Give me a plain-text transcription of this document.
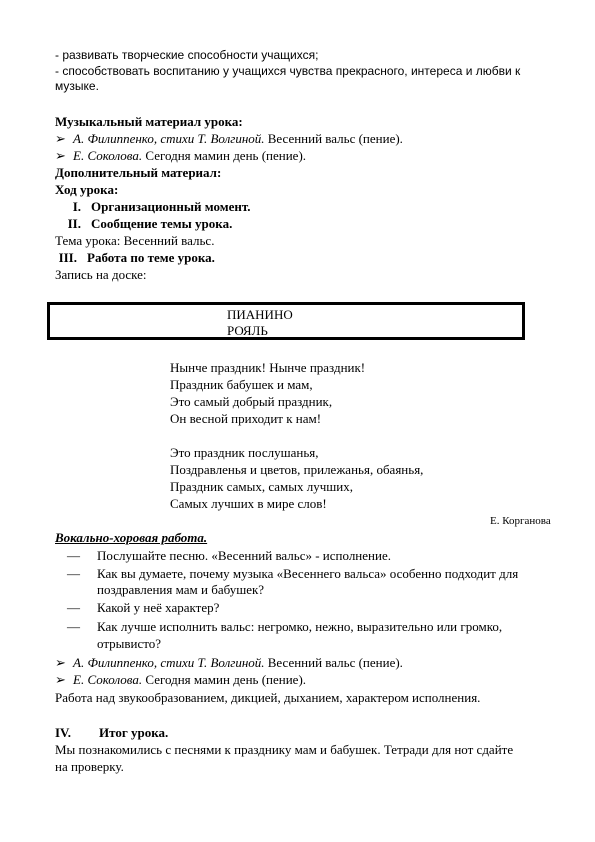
- развивать творческие способности учащихся;
- способствовать воспитанию у учащихся чувства прекрасного, интереса и любви к
музыке.
Музыкальный материал урока:
➢ А. Филиппенко, стихи Т. Волгиной. Весенний вальс (пение).
➢ Е. Соколова. Сегодня мамин день (пение).
Дополнительный материал:
Ход урока:
I. Организационный момент.
II. Сообщение темы урока.
Тема урока: Весенний вальс.
III. Работа по теме урока.
Запись на доске:
ПИАНИНО
РОЯЛЬ
Нынче праздник! Нынче праздник!
Праздник бабушек и мам,
Это самый добрый праздник,
Он весной приходит к нам!
Это праздник послушанья,
Поздравленья и цветов, прилежанья, обаянья,
Праздник самых, самых лучших,
Самых лучших в мире слов!
Е. Корганова
Вокально-хоровая работа.
— Послушайте песню. «Весенний вальс» - исполнение.
— Как вы думаете, почему музыка «Весеннего вальса» особенно подходит для
поздравления мам и бабушек?
— Какой у неё характер?
— Как лучше исполнить вальс: негромко, нежно, выразительно или громко,
отрывисто?
➢ А. Филиппенко, стихи Т. Волгиной. Весенний вальс (пение).
➢ Е. Соколова. Сегодня мамин день (пение).
Работа над звукообразованием, дикцией, дыханием, характером исполнения.
IV. Итог урока.
Мы познакомились с песнями к празднику мам и бабушек. Тетради для нот сдайте
на проверку.
